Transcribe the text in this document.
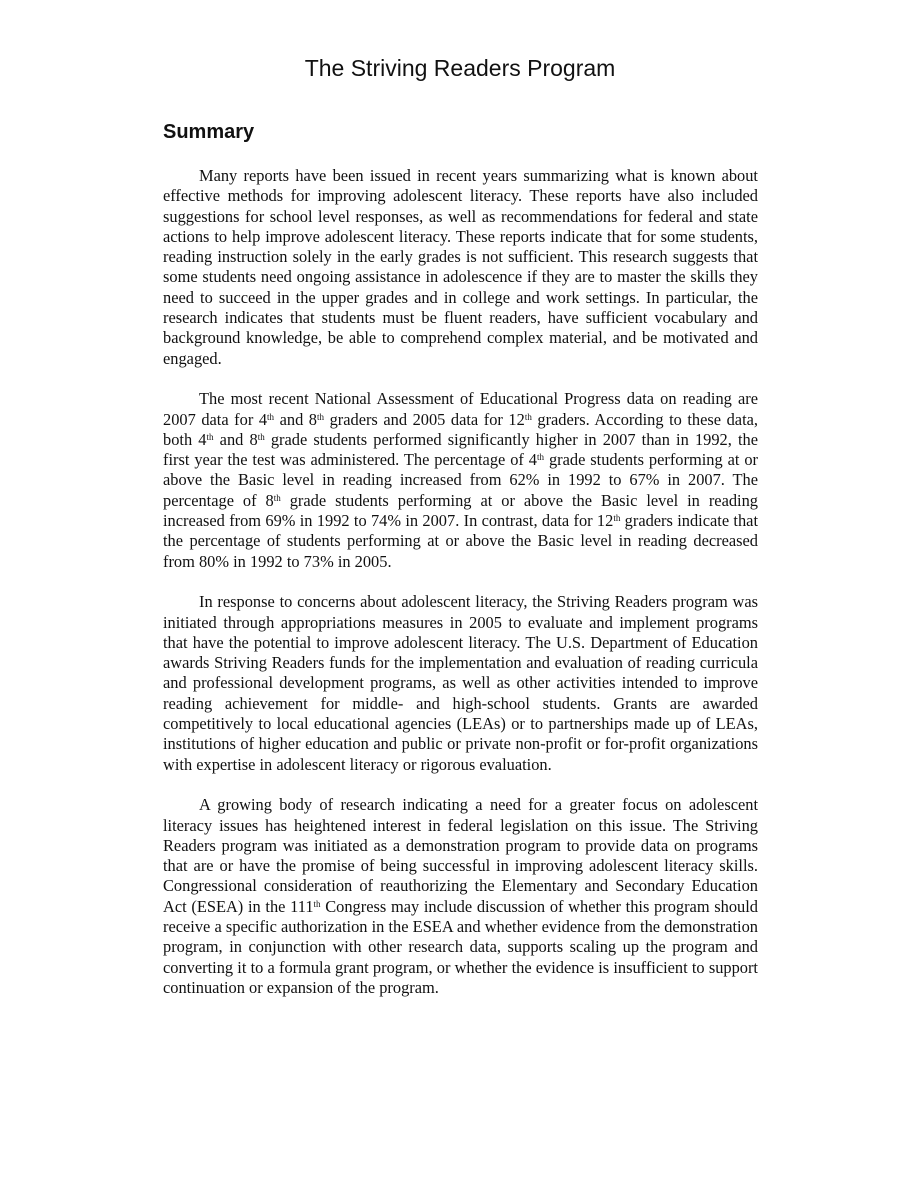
The Striving Readers Program
Summary

Many reports have been issued in recent years summarizing what is known about effective methods for improving adolescent literacy. These reports have also included suggestions for school level responses, as well as recommendations for federal and state actions to help improve adolescent literacy. These reports indicate that for some students, reading instruction solely in the early grades is not sufficient. This research suggests that some students need ongoing assistance in adolescence if they are to master the skills they need to succeed in the upper grades and in college and work settings. In particular, the research indicates that students must be fluent readers, have sufficient vocabulary and background knowledge, be able to comprehend complex material, and be motivated and engaged.

The most recent National Assessment of Educational Progress data on reading are 2007 data for 4th and 8th graders and 2005 data for 12th graders. According to these data, both 4th and 8th grade students performed significantly higher in 2007 than in 1992, the first year the test was administered. The percentage of 4th grade students performing at or above the Basic level in reading increased from 62% in 1992 to 67% in 2007. The percentage of 8th grade students performing at or above the Basic level in reading increased from 69% in 1992 to 74% in 2007. In contrast, data for 12th graders indicate that the percentage of students performing at or above the Basic level in reading decreased from 80% in 1992 to 73% in 2005.

In response to concerns about adolescent literacy, the Striving Readers program was initiated through appropriations measures in 2005 to evaluate and implement programs that have the potential to improve adolescent literacy. The U.S. Department of Education awards Striving Readers funds for the implementation and evaluation of reading curricula and professional development programs, as well as other activities intended to improve reading achievement for middle- and high-school students. Grants are awarded competitively to local educational agencies (LEAs) or to partnerships made up of LEAs, institutions of higher education and public or private non-profit or for-profit organizations with expertise in adolescent literacy or rigorous evaluation.

A growing body of research indicating a need for a greater focus on adolescent literacy issues has heightened interest in federal legislation on this issue. The Striving Readers program was initiated as a demonstration program to provide data on programs that are or have the promise of being successful in improving adolescent literacy skills. Congressional consideration of reauthorizing the Elementary and Secondary Education Act (ESEA) in the 111th Congress may include discussion of whether this program should receive a specific authorization in the ESEA and whether evidence from the demonstration program, in conjunction with other research data, supports scaling up the program and converting it to a formula grant program, or whether the evidence is insufficient to support continuation or expansion of the program.
